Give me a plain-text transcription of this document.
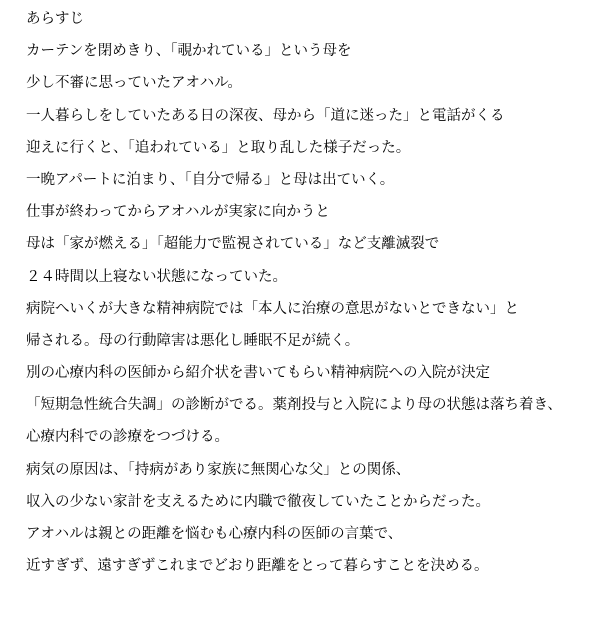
あらすじ
カーテンを閉めきり、「覗かれている」という母を
少し不審に思っていたアオハル。
一人暮らしをしていたある日の深夜、母から「道に迷った」と電話がくる
迎えに行くと、「追われている」と取り乱した様子だった。
一晩アパートに泊まり、「自分で帰る」と母は出ていく。
仕事が終わってからアオハルが実家に向かうと
母は「家が燃える」「超能力で監視されている」など支離滅裂で
２４時間以上寝ない状態になっていた。
病院へいくが大きな精神病院では「本人に治療の意思がないとできない」と
帰される。母の行動障害は悪化し睡眠不足が続く。
別の心療内科の医師から紹介状を書いてもらい精神病院への入院が決定
「短期急性統合失調」の診断がでる。薬剤投与と入院により母の状態は落ち着き、
心療内科での診療をつづける。
病気の原因は、「持病があり家族に無関心な父」との関係、
収入の少ない家計を支えるために内職で徹夜していたことからだった。
アオハルは親との距離を悩むも心療内科の医師の言葉で、
近すぎず、遠すぎずこれまでどおり距離をとって暮らすことを決める。
